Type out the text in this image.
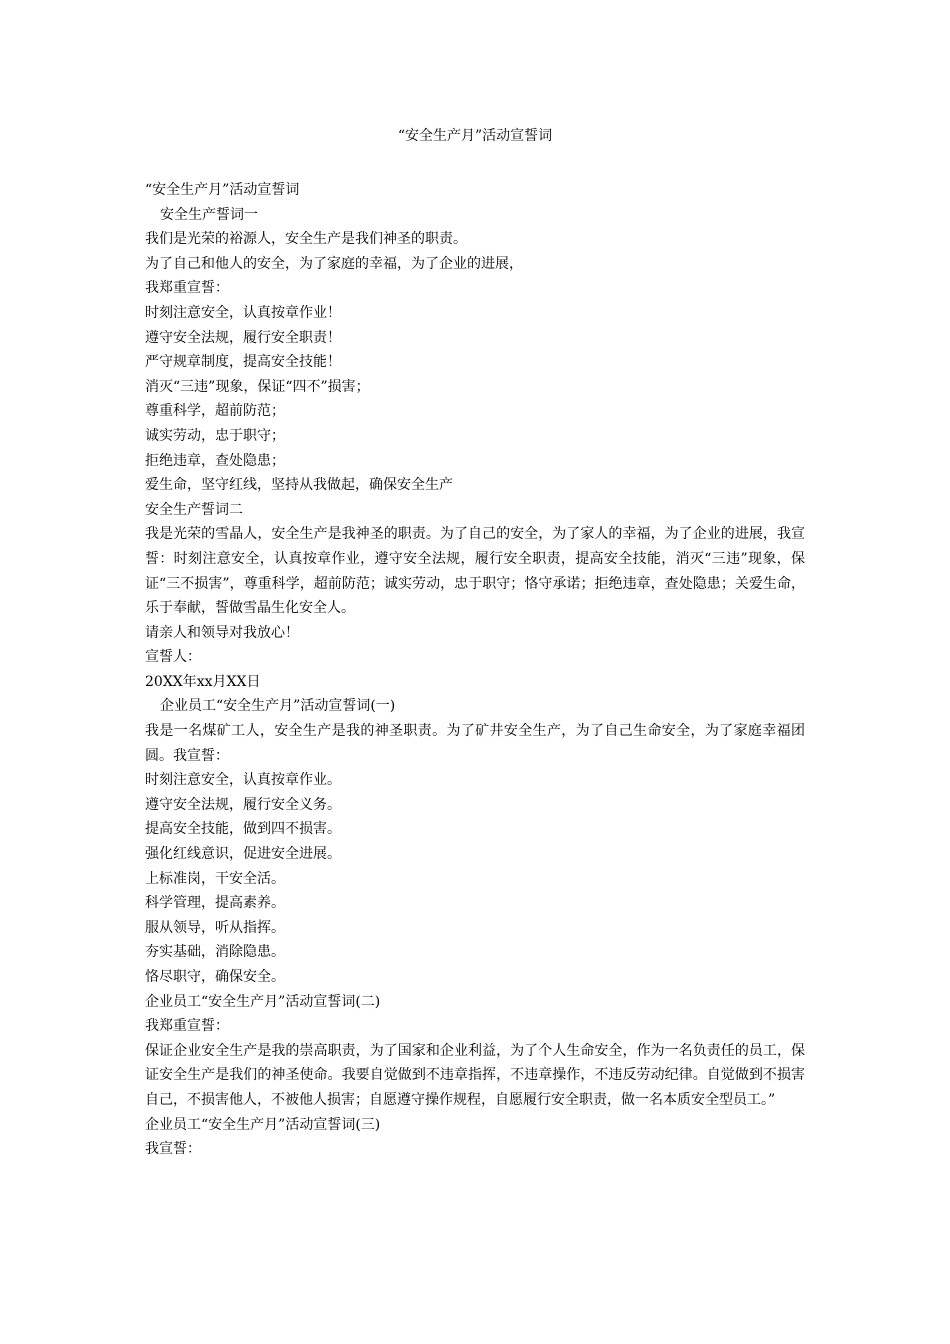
“安全生产月”活动宣誓词
“安全生产月”活动宣誓词
安全生产誓词一
我们是光荣的裕源人，安全生产是我们神圣的职责。
为了自己和他人的安全，为了家庭的幸福，为了企业的进展，
我郑重宣誓：
时刻注意安全，认真按章作业！
遵守安全法规，履行安全职责！
严守规章制度，提高安全技能！
消灭“三违”现象，保证“四不”损害；
尊重科学，超前防范；
诚实劳动，忠于职守；
拒绝违章，查处隐患；
爱生命，坚守红线，坚持从我做起，确保安全生产
安全生产誓词二
我是光荣的雪晶人，安全生产是我神圣的职责。为了自己的安全，为了家人的幸福，为了企业的进展，我宣誓：时刻注意安全，认真按章作业，遵守安全法规，履行安全职责，提高安全技能，消灭“三违”现象，保证“三不损害”，尊重科学，超前防范；诚实劳动，忠于职守；恪守承诺；拒绝违章，查处隐患；关爱生命，乐于奉献，誓做雪晶生化安全人。
请亲人和领导对我放心！
宣誓人：
20XX年xx月XX日
企业员工“安全生产月”活动宣誓词(一)
我是一名煤矿工人，安全生产是我的神圣职责。为了矿井安全生产，为了自己生命安全，为了家庭幸福团圆。我宣誓：
时刻注意安全，认真按章作业。
遵守安全法规，履行安全义务。
提高安全技能，做到四不损害。
强化红线意识，促进安全进展。
上标准岗，干安全活。
科学管理，提高素养。
服从领导，听从指挥。
夯实基础，消除隐患。
恪尽职守，确保安全。
企业员工“安全生产月”活动宣誓词(二)
我郑重宣誓：
保证企业安全生产是我的崇高职责，为了国家和企业利益，为了个人生命安全，作为一名负责任的员工，保证安全生产是我们的神圣使命。我要自觉做到不违章指挥，不违章操作，不违反劳动纪律。自觉做到不损害自己，不损害他人，不被他人损害；自愿遵守操作规程，自愿履行安全职责，做一名本质安全型员工。”
企业员工“安全生产月”活动宣誓词(三)
我宣誓：
